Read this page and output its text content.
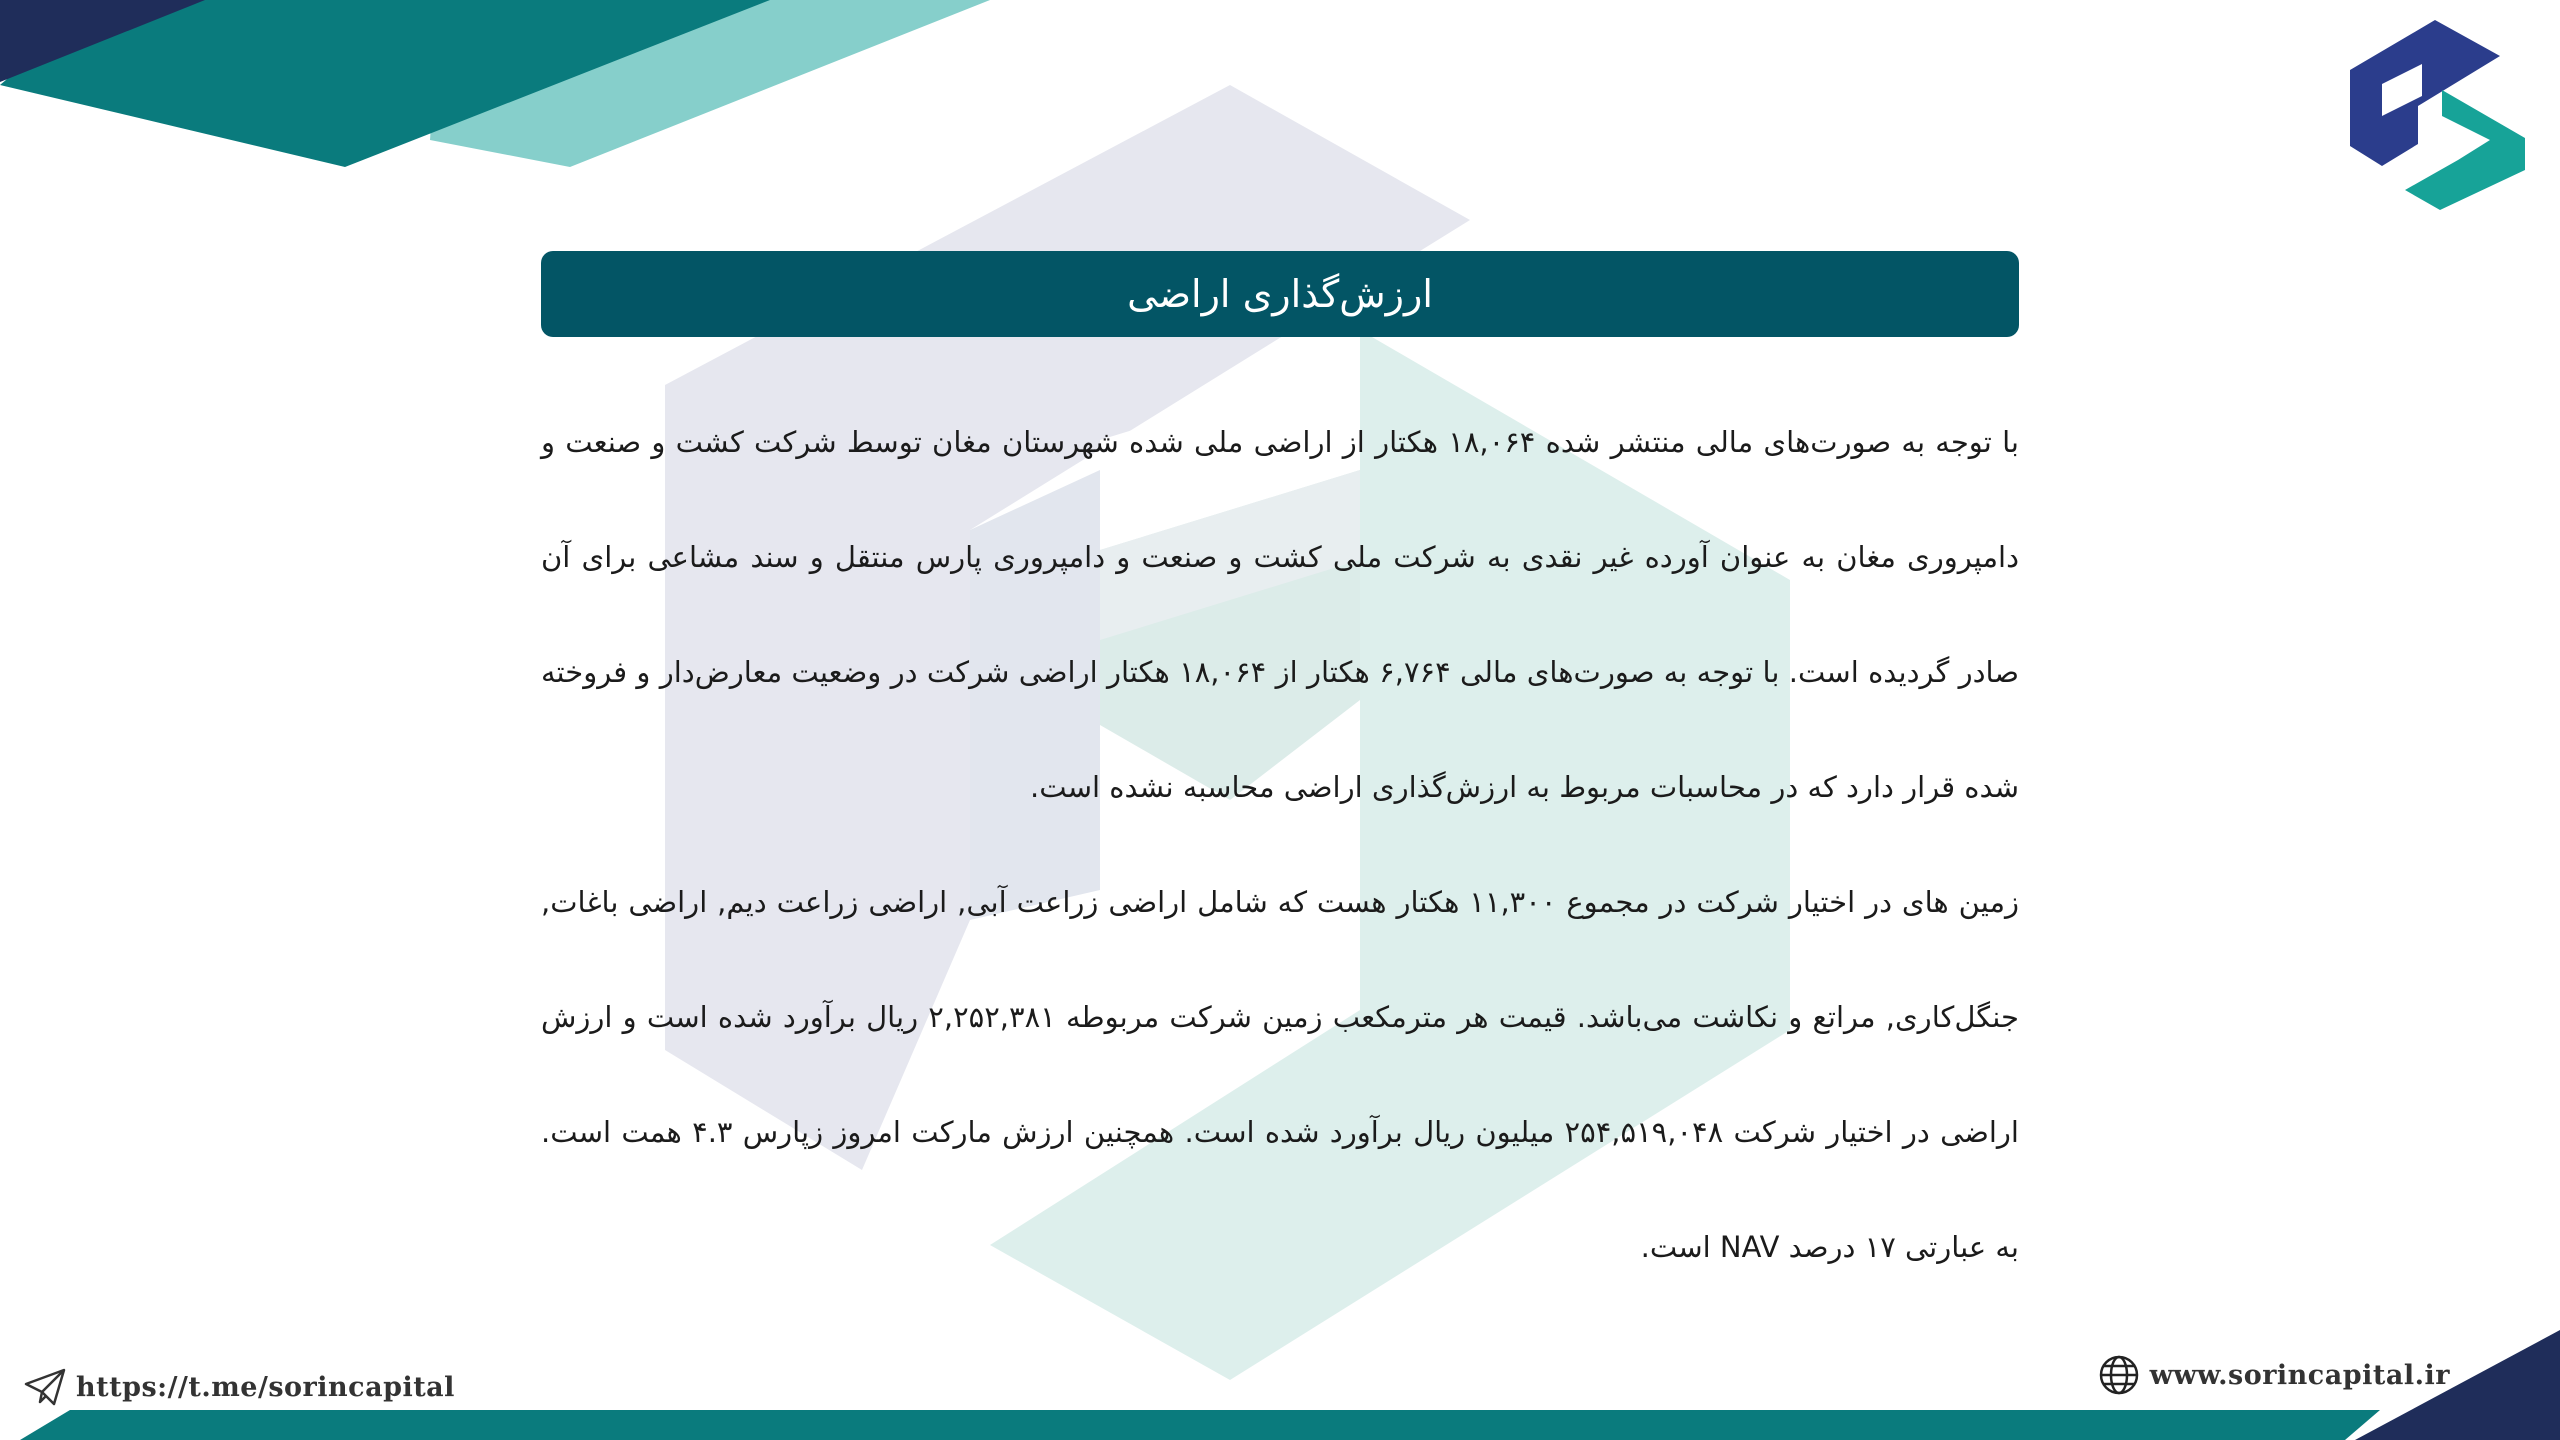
ارزش‌گذاری اراضی

با توجه به صورت‌های مالی منتشر شده ۱۸,۰۶۴ هکتار از اراضی ملی شده شهرستان مغان توسط شرکت کشت و صنعت و دامپروری مغان به عنوان آورده غیر نقدی به شرکت ملی کشت و صنعت و دامپروری پارس منتقل و سند مشاعی برای آن صادر گردیده است. با توجه به صورت‌های مالی ۶,۷۶۴ هکتار از ۱۸,۰۶۴ هکتار اراضی شرکت در وضعیت معارض‌دار و فروخته شده قرار دارد که در محاسبات مربوط به ارزش‌گذاری اراضی محاسبه نشده است.

زمین های در اختیار شرکت در مجموع ۱۱,۳۰۰ هکتار هست که شامل اراضی زراعت آبی, اراضی زراعت دیم, اراضی باغات, جنگل‌کاری, مراتع و نکاشت می‌باشد. قیمت هر مترمکعب زمین شرکت مربوطه ۲,۲۵۲,۳۸۱ ریال برآورد شده است و ارزش اراضی در اختیار شرکت ۲۵۴,۵۱۹,۰۴۸ میلیون ریال برآورد شده است. همچنین ارزش مارکت امروز زپارس ۴.۳ همت است. به عبارتی ۱۷ درصد NAV است.

https://t.me/sorincapital	www.sorincapital.ir
